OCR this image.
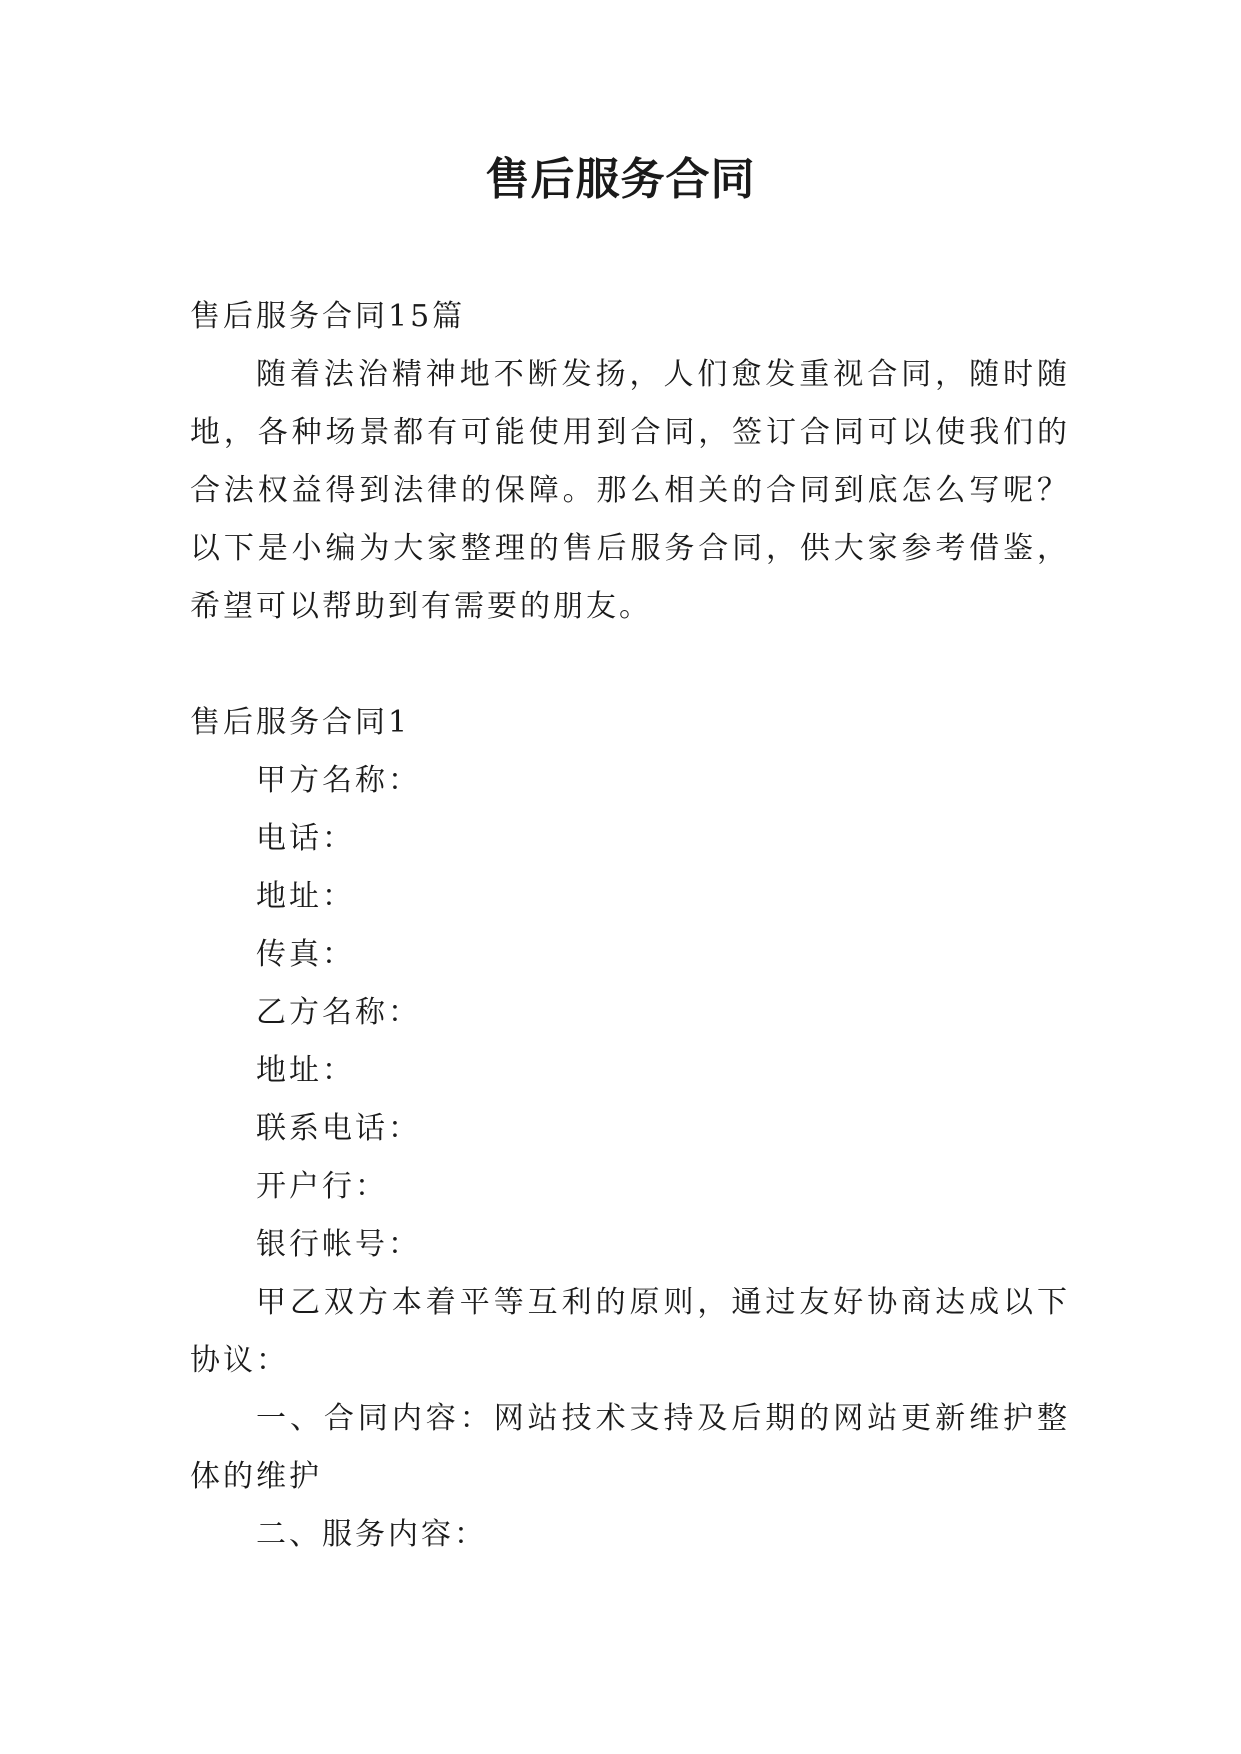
售后服务合同

售后服务合同15篇

随着法治精神地不断发扬，人们愈发重视合同，随时随地，各种场景都有可能使用到合同，签订合同可以使我们的合法权益得到法律的保障。那么相关的合同到底怎么写呢？以下是小编为大家整理的售后服务合同，供大家参考借鉴，希望可以帮助到有需要的朋友。

售后服务合同1

甲方名称：

电话：

地址：

传真：

乙方名称：

地址：

联系电话：

开户行：

银行帐号：

甲乙双方本着平等互利的原则，通过友好协商达成以下协议：

一、合同内容：网站技术支持及后期的网站更新维护整体的维护

二、服务内容：
